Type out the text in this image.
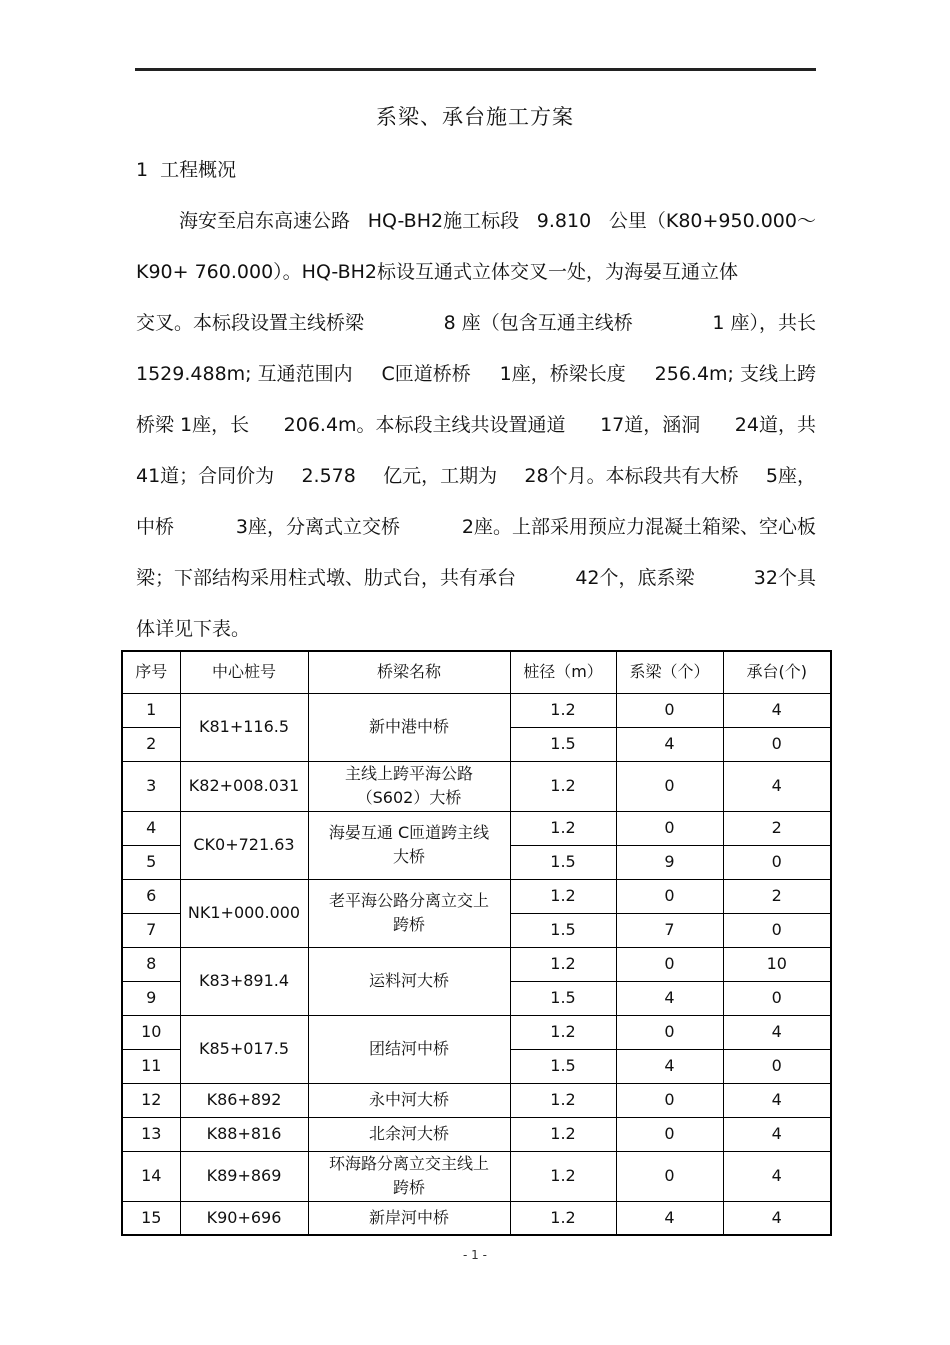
系梁、承台施工方案
1 工程概况
海安至启东高速公路 HQ-BH2施工标段 9.810 公里（K80+950.000～
K90+ 760.000）。HQ-BH2标设互通式立体交叉一处，为海晏互通立体
交叉。本标段设置主线桥梁	8 座（包含互通主线桥	1 座），共长
1529.488m; 互通范围内 C匝道桥桥 1座，桥梁长度 256.4m; 支线上跨
桥梁 1座，长 206.4m。本标段主线共设置通道 17道，涵洞 24道，共
41道；合同价为 2.578 亿元，工期为 28个月。本标段共有大桥 5座，
中桥	3座，分离式立交桥	2座。上部采用预应力混凝土箱梁、空心板
梁；下部结构采用柱式墩、肋式台，共有承台	42个，底系梁	32个具
体详见下表。
序号	中心桩号	桥梁名称	桩径（m）	系梁（个）	承台(个)
1	K81+116.5	新中港中桥	1.2	0	4
2			1.5	4	0
3	K82+008.031	主线上跨平海公路（S602）大桥	1.2	0	4
4	CK0+721.63	海晏互通 C匝道跨主线大桥	1.2	0	2
5			1.5	9	0
6	NK1+000.000	老平海公路分离立交上跨桥	1.2	0	2
7			1.5	7	0
8	K83+891.4	运料河大桥	1.2	0	10
9			1.5	4	0
10	K85+017.5	团结河中桥	1.2	0	4
11			1.5	4	0
12	K86+892	永中河大桥	1.2	0	4
13	K88+816	北余河大桥	1.2	0	4
14	K89+869	环海路分离立交主线上跨桥	1.2	0	4
15	K90+696	新岸河中桥	1.2	4	4
- 1 -
